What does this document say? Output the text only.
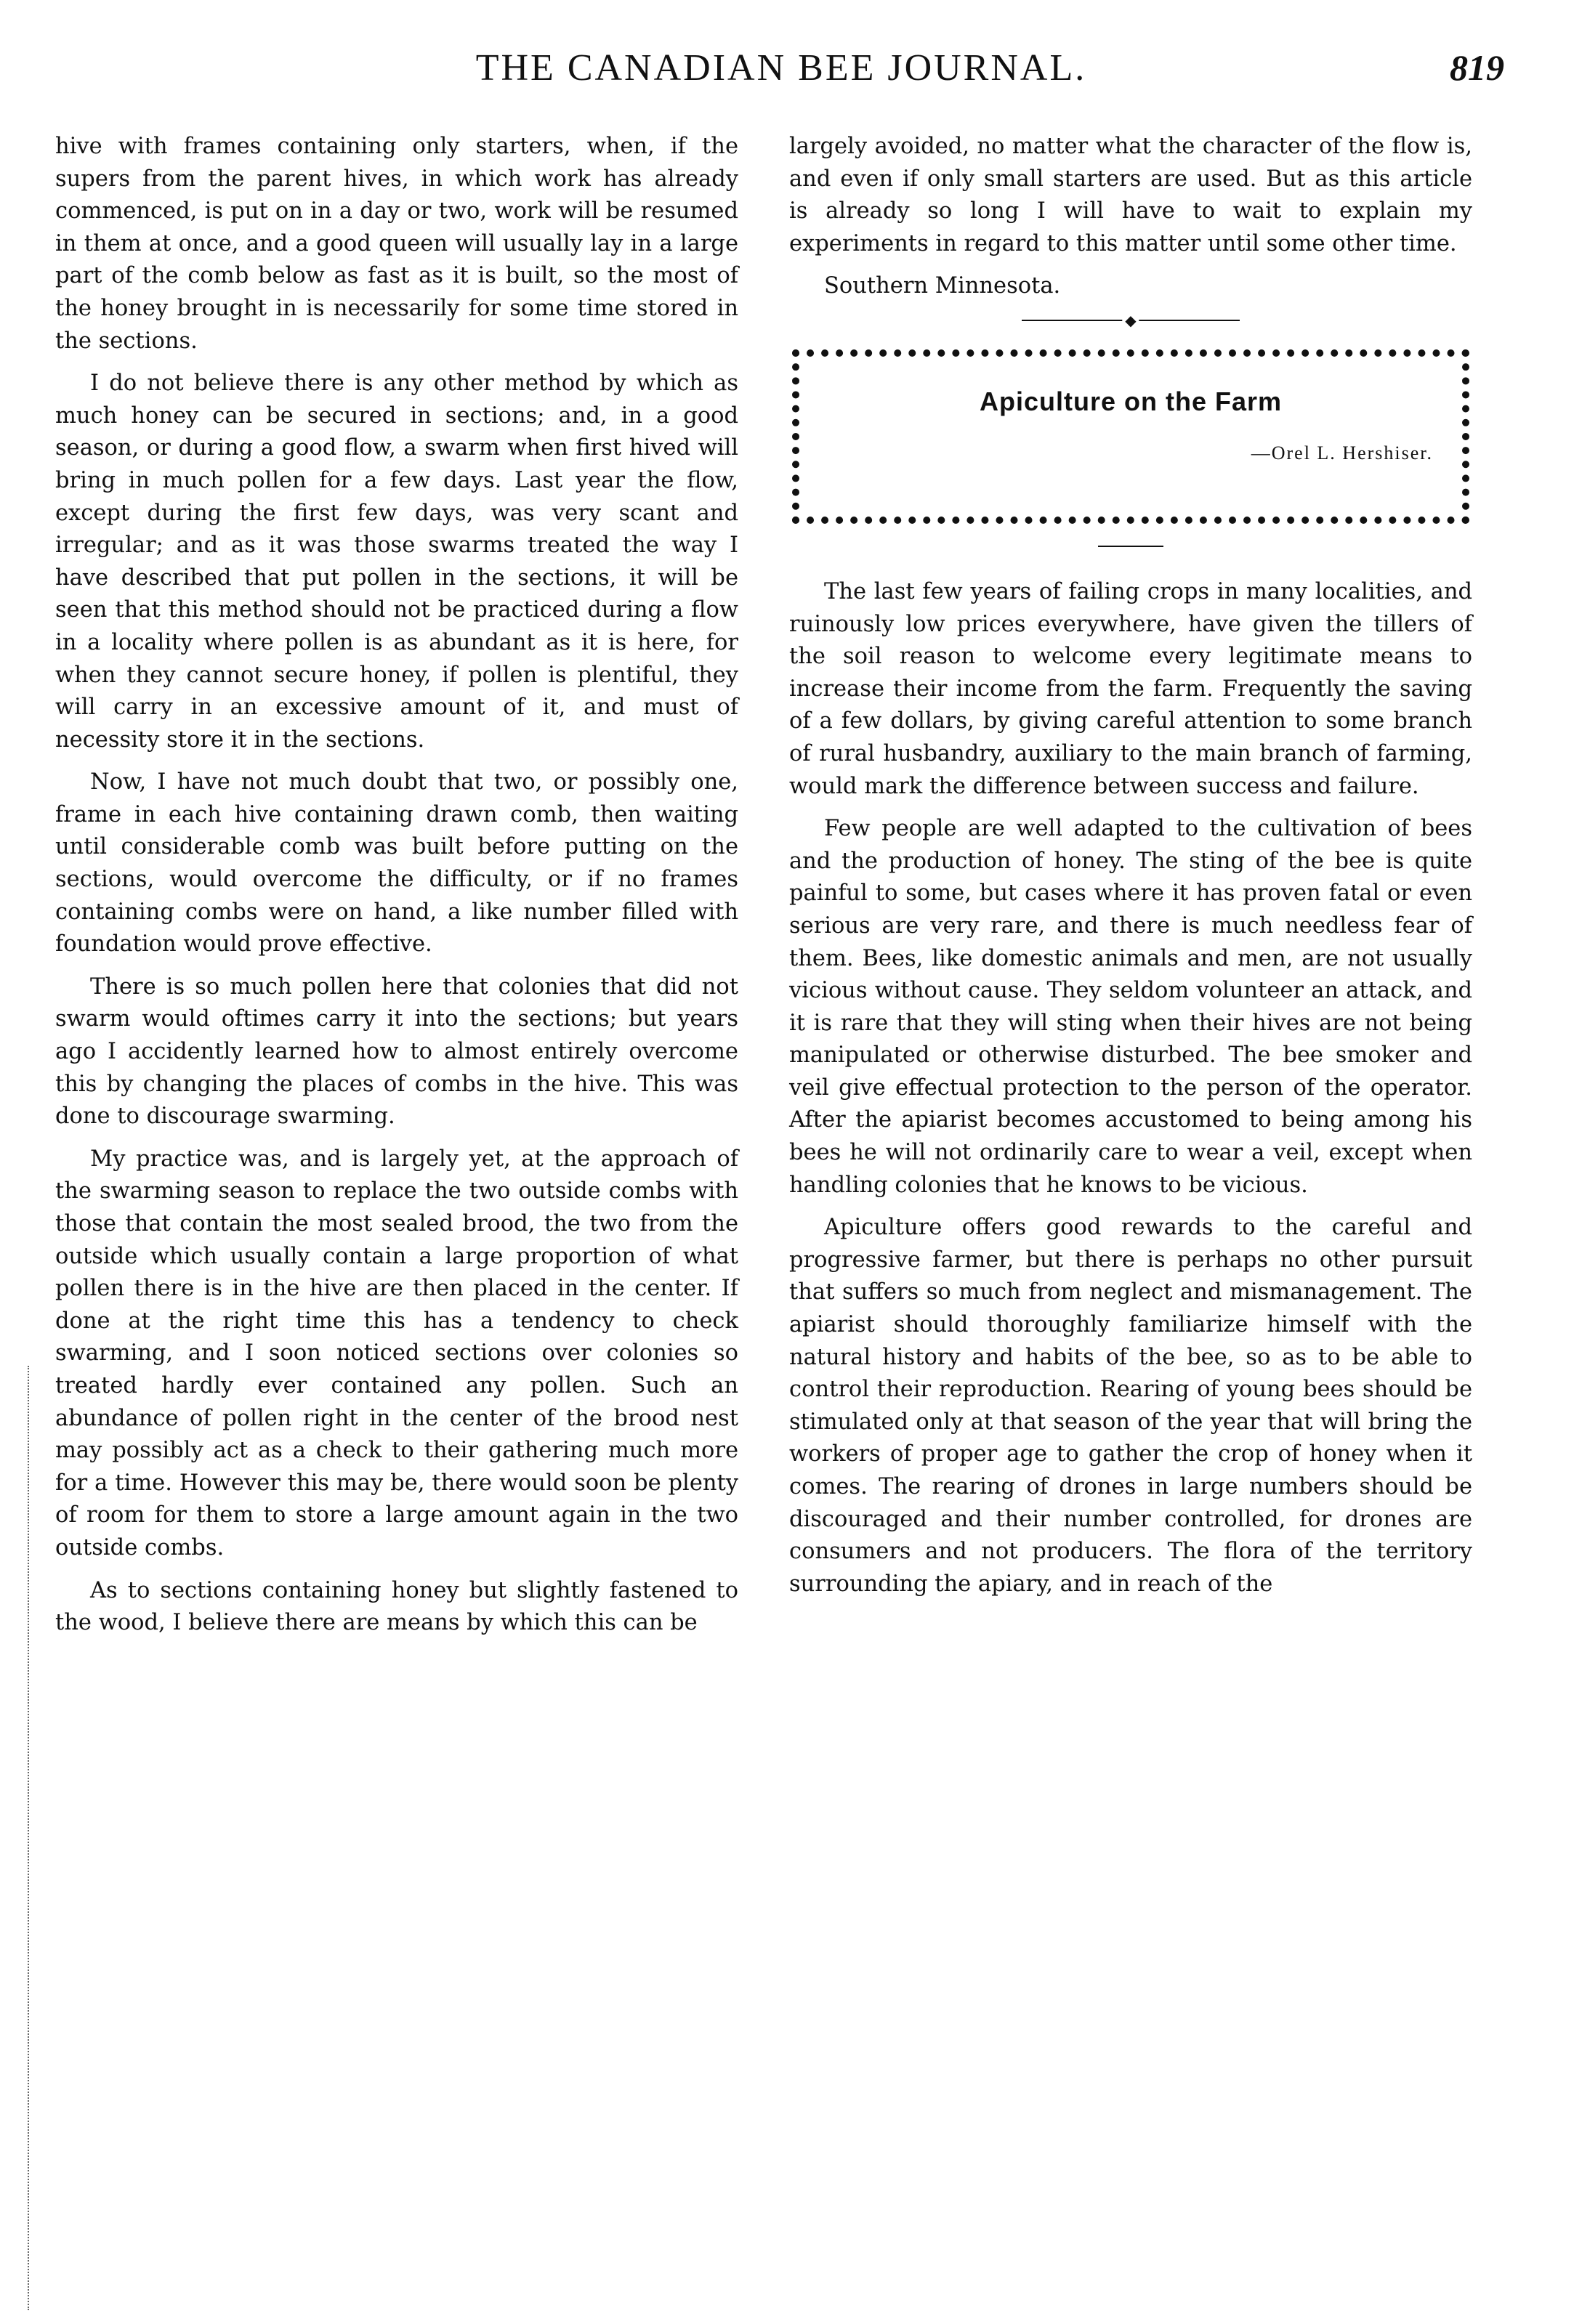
THE CANADIAN BEE JOURNAL.	819

hive with frames containing only starters, when, if the supers from the parent hives, in which work has already commenced, is put on in a day or two, work will be resumed in them at once, and a good queen will usually lay in a large part of the comb below as fast as it is built, so the most of the honey brought in is necessarily for some time stored in the sections.

I do not believe there is any other method by which as much honey can be secured in sections; and, in a good season, or during a good flow, a swarm when first hived will bring in much pollen for a few days. Last year the flow, except during the first few days, was very scant and irregular; and as it was those swarms treated the way I have described that put pollen in the sections, it will be seen that this method should not be practiced during a flow in a locality where pollen is as abundant as it is here, for when they cannot secure honey, if pollen is plentiful, they will carry in an excessive amount of it, and must of necessity store it in the sections.

Now, I have not much doubt that two, or possibly one, frame in each hive containing drawn comb, then waiting until considerable comb was built before putting on the sections, would overcome the difficulty, or if no frames containing combs were on hand, a like number filled with foundation would prove effective.

There is so much pollen here that colonies that did not swarm would oftimes carry it into the sections; but years ago I accidently learned how to almost entirely overcome this by changing the places of combs in the hive. This was done to discourage swarming.

My practice was, and is largely yet, at the approach of the swarming season to replace the two outside combs with those that contain the most sealed brood, the two from the outside which usually contain a large proportion of what pollen there is in the hive are then placed in the center. If done at the right time this has a tendency to check swarming, and I soon noticed sections over colonies so treated hardly ever contained any pollen. Such an abundance of pollen right in the center of the brood nest may possibly act as a check to their gathering much more for a time. However this may be, there would soon be plenty of room for them to store a large amount again in the two outside combs.

As to sections containing honey but slightly fastened to the wood, I believe there are means by which this can be

largely avoided, no matter what the character of the flow is, and even if only small starters are used. But as this article is already so long I will have to wait to explain my experiments in regard to this matter until some other time.

Southern Minnesota.

◆
Apiculture on the Farm
—Orel L. Hershiser.

The last few years of failing crops in many localities, and ruinously low prices everywhere, have given the tillers of the soil reason to welcome every legitimate means to increase their income from the farm. Frequently the saving of a few dollars, by giving careful attention to some branch of rural husbandry, auxiliary to the main branch of farming, would mark the difference between success and failure.

Few people are well adapted to the cultivation of bees and the production of honey. The sting of the bee is quite painful to some, but cases where it has proven fatal or even serious are very rare, and there is much needless fear of them. Bees, like domestic animals and men, are not usually vicious without cause. They seldom volunteer an attack, and it is rare that they will sting when their hives are not being manipulated or otherwise disturbed. The bee smoker and veil give effectual protection to the person of the operator. After the apiarist becomes accustomed to being among his bees he will not ordinarily care to wear a veil, except when handling colonies that he knows to be vicious.

Apiculture offers good rewards to the careful and progressive farmer, but there is perhaps no other pursuit that suffers so much from neglect and mismanagement. The apiarist should thoroughly familiarize himself with the natural history and habits of the bee, so as to be able to control their reproduction. Rearing of young bees should be stimulated only at that season of the year that will bring the workers of proper age to gather the crop of honey when it comes. The rearing of drones in large numbers should be discouraged and their number controlled, for drones are consumers and not producers. The flora of the territory surrounding the apiary, and in reach of the
